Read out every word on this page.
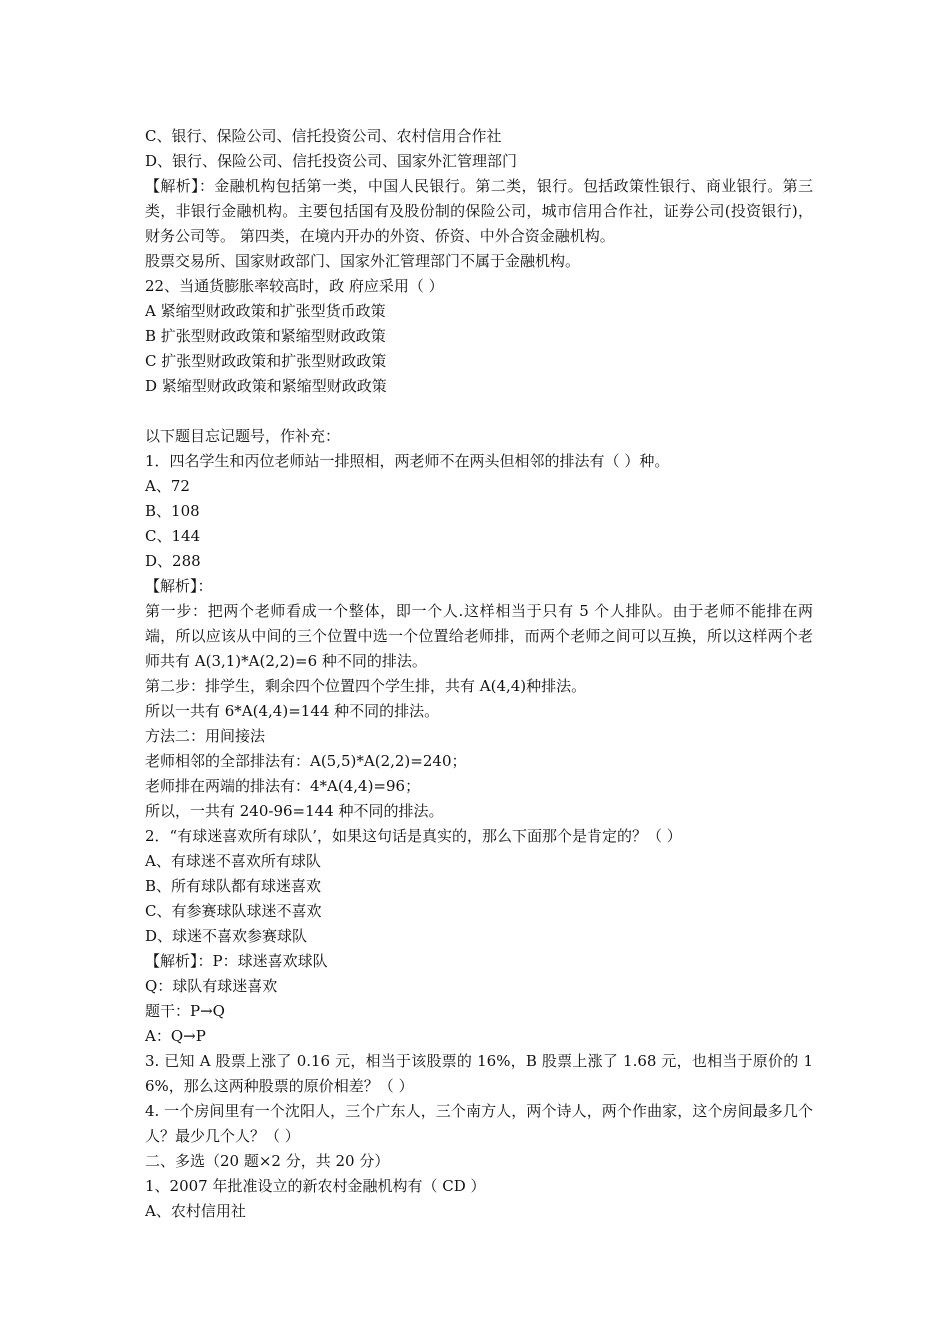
C、银行、保险公司、信托投资公司、农村信用合作社

D、银行、保险公司、信托投资公司、国家外汇管理部门

【解析】：金融机构包括第一类，中国人民银行。第二类，银行。包括政策性银行、商业银行。第三类，非银行金融机构。主要包括国有及股份制的保险公司，城市信用合作社，证券公司(投资银行)，财务公司等。 第四类，在境内开办的外资、侨资、中外合资金融机构。

股票交易所、国家财政部门、国家外汇管理部门不属于金融机构。

22、当通货膨胀率较高时，政 府应采用（ ）

A 紧缩型财政政策和扩张型货币政策

B 扩张型财政政策和紧缩型财政政策

C 扩张型财政政策和扩张型财政政策

D 紧缩型财政政策和紧缩型财政政策

以下题目忘记题号，作补充：

1．四名学生和丙位老师站一排照相，两老师不在两头但相邻的排法有（ ）种。

A、72

B、108

C、144

D、288

【解析】：

第一步：把两个老师看成一个整体，即一个人.这样相当于只有 5 个人排队。由于老师不能排在两端，所以应该从中间的三个位置中选一个位置给老师排，而两个老师之间可以互换，所以这样两个老师共有 A(3,1)*A(2,2)=6 种不同的排法。

第二步：排学生，剩余四个位置四个学生排，共有 A(4,4)种排法。

所以一共有 6*A(4,4)=144 种不同的排法。

方法二：用间接法

老师相邻的全部排法有：A(5,5)*A(2,2)=240；

老师排在两端的排法有：4*A(4,4)=96；

所以，一共有 240-96=144 种不同的排法。

2．“有球迷喜欢所有球队’，如果这句话是真实的，那么下面那个是肯定的？（ ）

A、有球迷不喜欢所有球队

B、所有球队都有球迷喜欢

C、有参赛球队球迷不喜欢

D、球迷不喜欢参赛球队

【解析】：P：球迷喜欢球队

Q：球队有球迷喜欢

题干：P→Q

A：Q→P

3. 已知 A 股票上涨了 0.16 元，相当于该股票的 16%，B 股票上涨了 1.68 元，也相当于原价的 16%，那么这两种股票的原价相差？（ ）

4. 一个房间里有一个沈阳人，三个广东人，三个南方人，两个诗人，两个作曲家，这个房间最多几个人？最少几个人？（ ）

二、多选（20 题×2 分，共 20 分）

1、2007 年批准设立的新农村金融机构有（ CD ）

A、农村信用社
